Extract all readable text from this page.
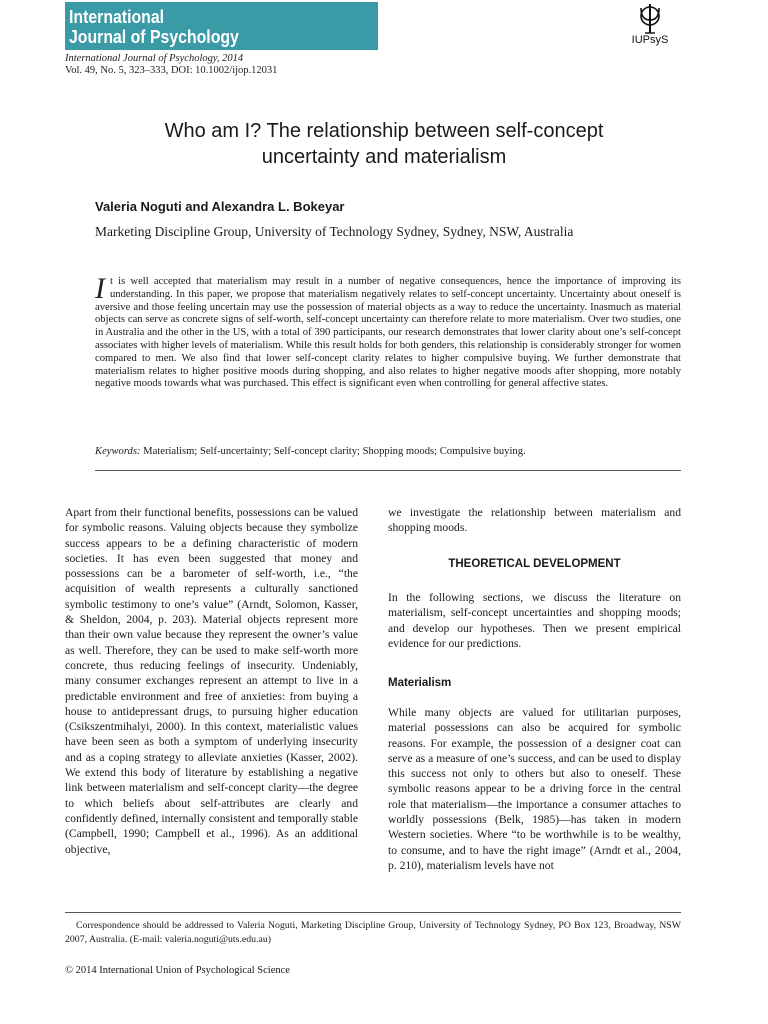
International
Journal of Psychology	IUPsyS
International Journal of Psychology, 2014
Vol. 49, No. 5, 323–333, DOI: 10.1002/ijop.12031
Who am I? The relationship between self-concept
uncertainty and materialism
Valeria Noguti and Alexandra L. Bokeyar
Marketing Discipline Group, University of Technology Sydney, Sydney, NSW, Australia
It is well accepted that materialism may result in a number of negative consequences, hence the importance of improving its understanding. In this paper, we propose that materialism negatively relates to self-concept uncertainty. Uncertainty about oneself is aversive and those feeling uncertain may use the possession of material objects as a way to reduce the uncertainty. Inasmuch as material objects can serve as concrete signs of self-worth, self-concept uncertainty can therefore relate to more materialism. Over two studies, one in Australia and the other in the US, with a total of 390 participants, our research demonstrates that lower clarity about one’s self-concept associates with higher levels of materialism. While this result holds for both genders, this relationship is considerably stronger for women compared to men. We also find that lower self-concept clarity relates to higher compulsive buying. We further demonstrate that materialism relates to higher positive moods during shopping, and also relates to higher negative moods after shopping, more notably negative moods towards what was purchased. This effect is significant even when controlling for general affective states.
Keywords: Materialism; Self-uncertainty; Self-concept clarity; Shopping moods; Compulsive buying.
Apart from their functional benefits, possessions can be valued for symbolic reasons. Valuing objects because they symbolize success appears to be a defining characteristic of modern societies. It has even been suggested that money and possessions can be a barometer of self-worth, i.e., “the acquisition of wealth represents a culturally sanctioned symbolic testimony to one’s value” (Arndt, Solomon, Kasser, & Sheldon, 2004, p. 203). Material objects represent more than their own value because they represent the owner’s value as well. Therefore, they can be used to make self-worth more concrete, thus reducing feelings of insecurity. Undeniably, many consumer exchanges represent an attempt to live in a predictable environment and free of anxieties: from buying a house to antidepressant drugs, to pursuing higher education (Csikszentmihalyi, 2000). In this context, materialistic values have been seen as both a symptom of underlying insecurity and as a coping strategy to alleviate anxieties (Kasser, 2002). We extend this body of literature by establishing a negative link between materialism and self-concept clarity—the degree to which beliefs about self-attributes are clearly and confidently defined, internally consistent and temporally stable (Campbell, 1990; Campbell et al., 1996). As an additional objective,
we investigate the relationship between materialism and shopping moods.
THEORETICAL DEVELOPMENT
In the following sections, we discuss the literature on materialism, self-concept uncertainties and shopping moods; and develop our hypotheses. Then we present empirical evidence for our predictions.
Materialism
While many objects are valued for utilitarian purposes, material possessions can also be acquired for symbolic reasons. For example, the possession of a designer coat can serve as a measure of one’s success, and can be used to display this success not only to others but also to oneself. These symbolic reasons appear to be a driving force in the central role that materialism—the importance a consumer attaches to worldly possessions (Belk, 1985)—has taken in modern Western societies. Where “to be worthwhile is to be wealthy, to consume, and to have the right image” (Arndt et al., 2004, p. 210), materialism levels have not
Correspondence should be addressed to Valeria Noguti, Marketing Discipline Group, University of Technology Sydney, PO Box 123, Broadway, NSW 2007, Australia. (E-mail: valeria.noguti@uts.edu.au)
© 2014 International Union of Psychological Science
